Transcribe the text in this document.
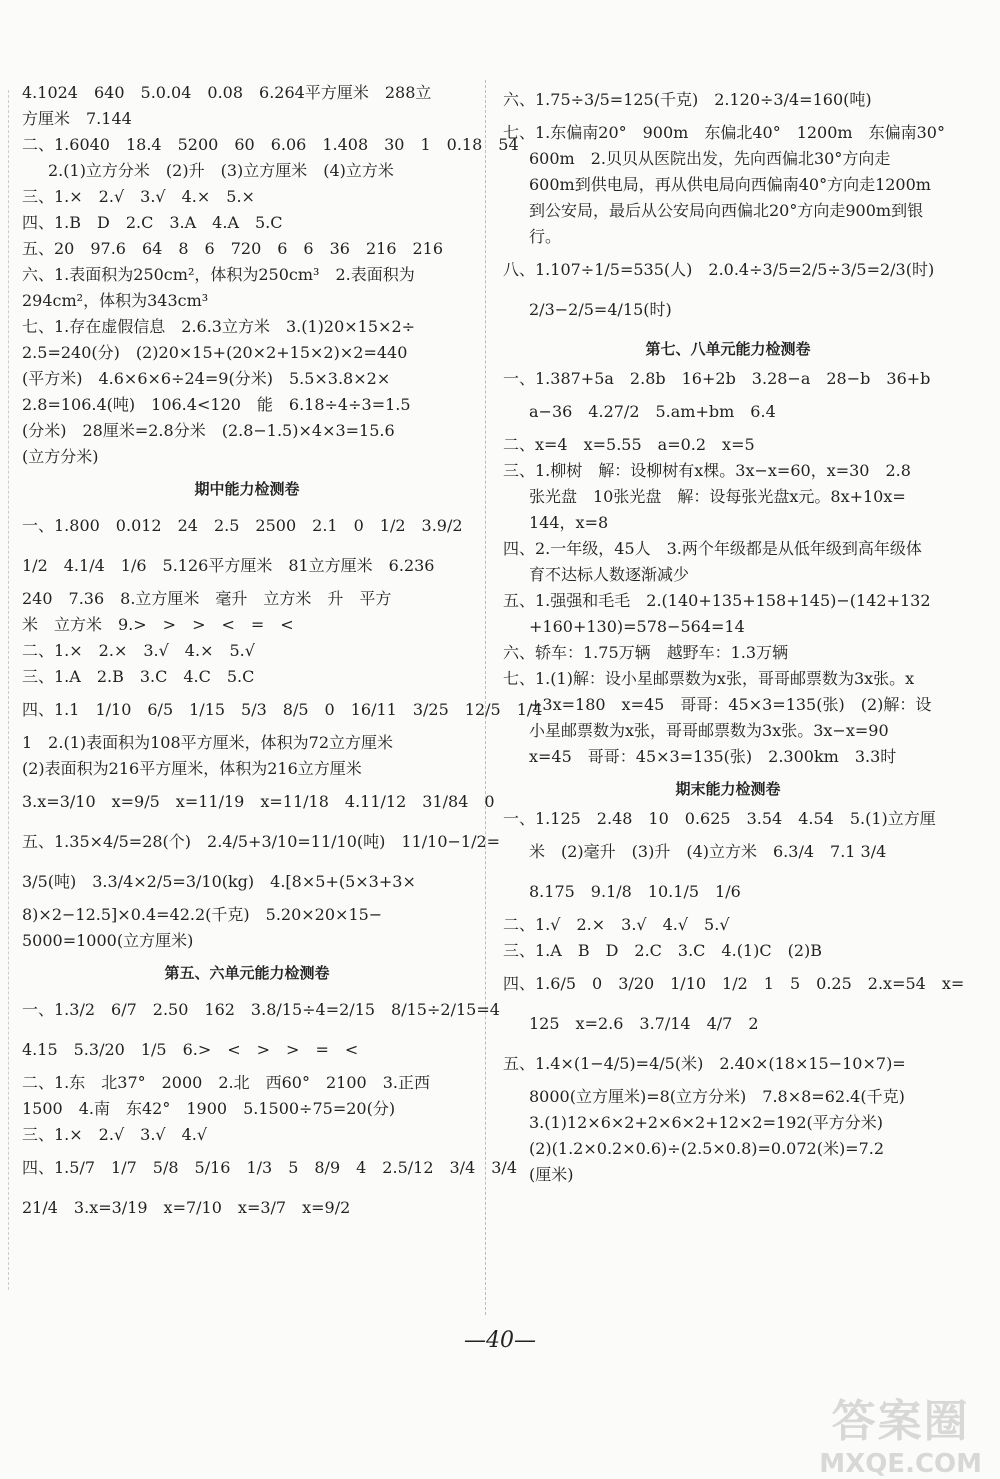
4.1024　640　5.0.04　0.08　6.264平方厘米　288立
方厘米　7.144
二、1.6040　18.4　5200　60　6.06　1.408　30　1　0.18　54
2.(1)立方分米　(2)升　(3)立方厘米　(4)立方米
三、1.×　2.√　3.√　4.×　5.×
四、1.B　D　2.C　3.A　4.A　5.C
五、20　97.6　64　8　6　720　6　6　36　216　216
六、1.表面积为250cm²，体积为250cm³　2.表面积为
294cm²，体积为343cm³
七、1.存在虚假信息　2.6.3立方米　3.(1)20×15×2÷
2.5=240(分)　(2)20×15+(20×2+15×2)×2=440
(平方米)　4.6×6×6÷24=9(分米)　5.5×3.8×2×
2.8=106.4(吨)　106.4<120　能　6.18÷4÷3=1.5
(分米)　28厘米=2.8分米　(2.8−1.5)×4×3=15.6
(立方分米)
期中能力检测卷
一、1.800　0.012　24　2.5　2500　2.1　0　1/2　3.9/2
1/2　4.1/4　1/6　5.126平方厘米　81立方厘米　6.236
240　7.36　8.立方厘米　毫升　立方米　升　平方
米　立方米　9.>　>　>　<　=　<
二、1.×　2.×　3.√　4.×　5.√
三、1.A　2.B　3.C　4.C　5.C
四、1.1　1/10　6/5　1/15　5/3　8/5　0　16/11　3/25　12/5　1/4
1　2.(1)表面积为108平方厘米，体积为72立方厘米
(2)表面积为216平方厘米，体积为216立方厘米
3.x=3/10　x=9/5　x=11/19　x=11/18　4.11/12　31/84　0
五、1.35×4/5=28(个)　2.4/5+3/10=11/10(吨)　11/10−1/2=
3/5(吨)　3.3/4×2/5=3/10(kg)　4.[8×5+(5×3+3×
8)×2−12.5]×0.4=42.2(千克)　5.20×20×15−
5000=1000(立方厘米)
第五、六单元能力检测卷
一、1.3/2　6/7　2.50　162　3.8/15÷4=2/15　8/15÷2/15=4
4.15　5.3/20　1/5　6.>　<　>　>　=　<
二、1.东　北37°　2000　2.北　西60°　2100　3.正西
1500　4.南　东42°　1900　5.1500÷75=20(分)
三、1.×　2.√　3.√　4.√
四、1.5/7　1/7　5/8　5/16　1/3　5　8/9　4　2.5/12　3/4　3/4
21/4　3.x=3/19　x=7/10　x=3/7　x=9/2
六、1.75÷3/5=125(千克)　2.120÷3/4=160(吨)
七、1.东偏南20°　900m　东偏北40°　1200m　东偏南30°
600m　2.贝贝从医院出发，先向西偏北30°方向走
600m到供电局，再从供电局向西偏南40°方向走1200m
到公安局，最后从公安局向西偏北20°方向走900m到银
行。
八、1.107÷1/5=535(人)　2.0.4÷3/5=2/5÷3/5=2/3(时)
2/3−2/5=4/15(时)
第七、八单元能力检测卷
一、1.387+5a　2.8b　16+2b　3.28−a　28−b　36+b
a−36　4.27/2　5.am+bm　6.4
二、x=4　x=5.55　a=0.2　x=5
三、1.柳树　解：设柳树有x棵。3x−x=60，x=30　2.8
张光盘　10张光盘　解：设每张光盘x元。8x+10x=
144，x=8
四、2.一年级，45人　3.两个年级都是从低年级到高年级体
育不达标人数逐渐减少
五、1.强强和毛毛　2.(140+135+158+145)−(142+132
+160+130)=578−564=14
六、轿车：1.75万辆　越野车：1.3万辆
七、1.(1)解：设小星邮票数为x张，哥哥邮票数为3x张。x
+3x=180　x=45　哥哥：45×3=135(张)　(2)解：设
小星邮票数为x张，哥哥邮票数为3x张。3x−x=90
x=45　哥哥：45×3=135(张)　2.300km　3.3时
期末能力检测卷
一、1.125　2.48　10　0.625　3.54　4.54　5.(1)立方厘
米　(2)毫升　(3)升　(4)立方米　6.3/4　7.1 3/4
8.175　9.1/8　10.1/5　1/6
二、1.√　2.×　3.√　4.√　5.√
三、1.A　B　D　2.C　3.C　4.(1)C　(2)B
四、1.6/5　0　3/20　1/10　1/2　1　5　0.25　2.x=54　x=
125　x=2.6　3.7/14　4/7　2
五、1.4×(1−4/5)=4/5(米)　2.40×(18×15−10×7)=
8000(立方厘米)=8(立方分米)　7.8×8=62.4(千克)
3.(1)12×6×2+2×6×2+12×2=192(平方分米)
(2)(1.2×0.2×0.6)÷(2.5×0.8)=0.072(米)=7.2
(厘米)
—40—
答案圈
MXQE.COM
